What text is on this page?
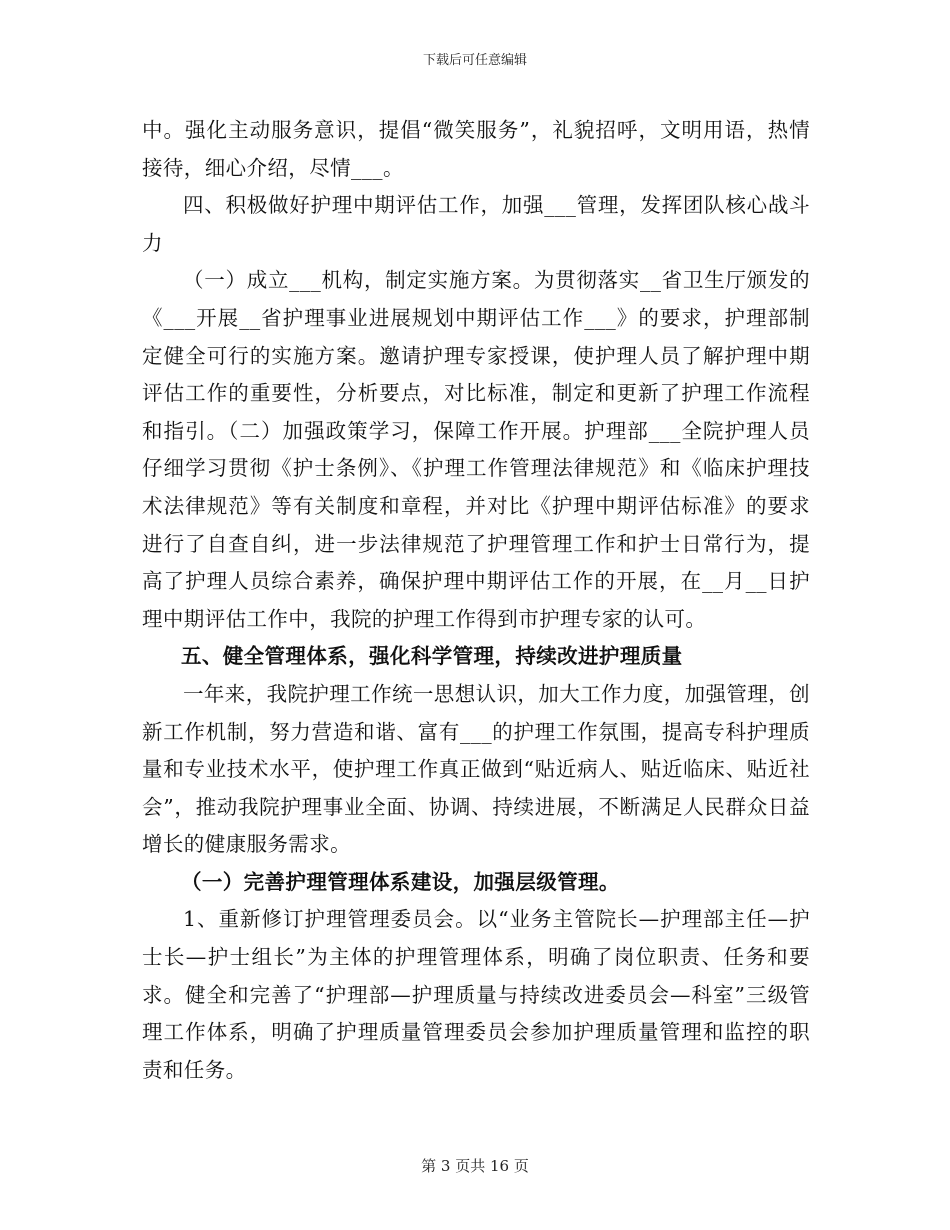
下载后可任意编辑

中。强化主动服务意识，提倡“微笑服务”，礼貌招呼，文明用语，热情接待，细心介绍，尽情___。

四、积极做好护理中期评估工作，加强___管理，发挥团队核心战斗力

（一）成立___机构，制定实施方案。为贯彻落实__省卫生厅颁发的《___开展__省护理事业进展规划中期评估工作___》的要求，护理部制定健全可行的实施方案。邀请护理专家授课，使护理人员了解护理中期评估工作的重要性，分析要点，对比标准，制定和更新了护理工作流程和指引。（二）加强政策学习，保障工作开展。护理部___全院护理人员仔细学习贯彻《护士条例》、《护理工作管理法律规范》和《临床护理技术法律规范》等有关制度和章程，并对比《护理中期评估标准》的要求进行了自查自纠，进一步法律规范了护理管理工作和护士日常行为，提高了护理人员综合素养，确保护理中期评估工作的开展，在__月__日护理中期评估工作中，我院的护理工作得到市护理专家的认可。

五、健全管理体系，强化科学管理，持续改进护理质量

一年来，我院护理工作统一思想认识，加大工作力度，加强管理，创新工作机制，努力营造和谐、富有___的护理工作氛围，提高专科护理质量和专业技术水平，使护理工作真正做到“贴近病人、贴近临床、贴近社会”，推动我院护理事业全面、协调、持续进展，不断满足人民群众日益增长的健康服务需求。

（一）完善护理管理体系建设，加强层级管理。

1、重新修订护理管理委员会。以“业务主管院长—护理部主任—护士长—护士组长”为主体的护理管理体系，明确了岗位职责、任务和要求。健全和完善了“护理部—护理质量与持续改进委员会—科室”三级管理工作体系，明确了护理质量管理委员会参加护理质量管理和监控的职责和任务。

第 3 页共 16 页
